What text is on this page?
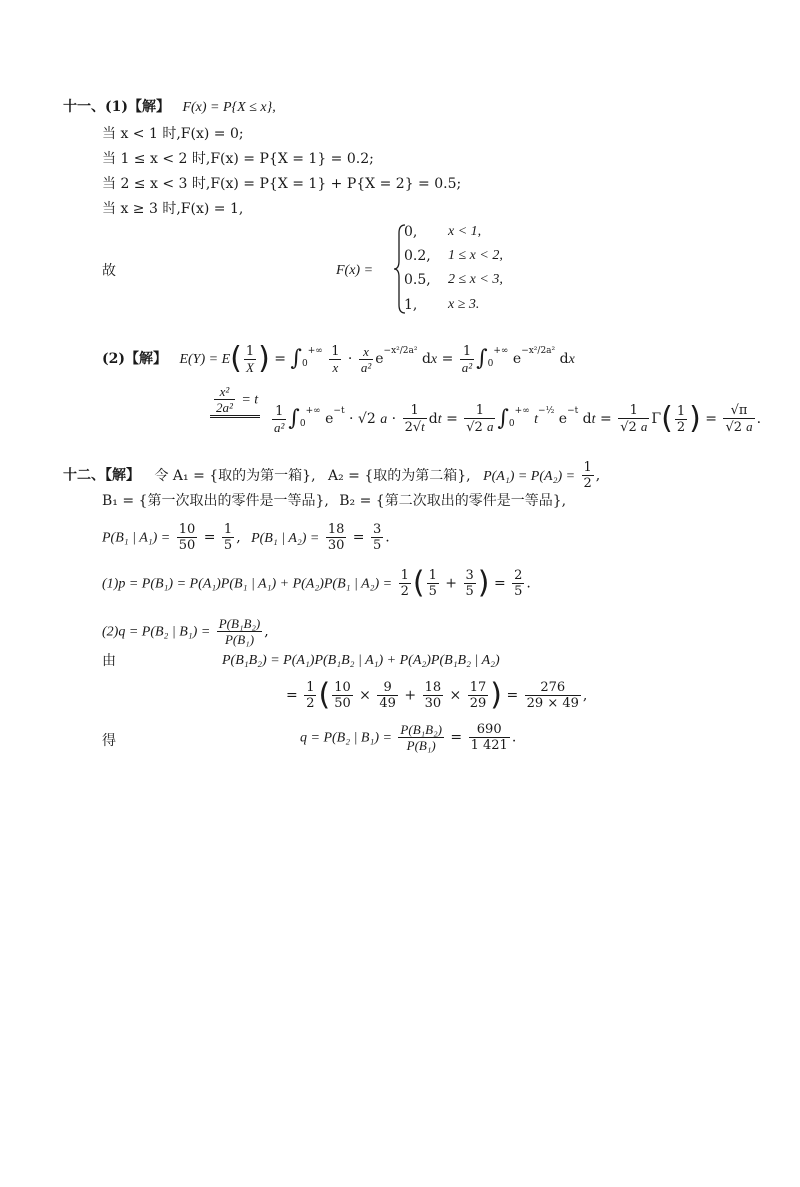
十一、(1)【解】 F(x) = P{X ≤ x},
当 x < 1 时,F(x) = 0;
当 1 ≤ x < 2 时,F(x) = P{X = 1} = 0.2;
当 2 ≤ x < 3 时,F(x) = P{X = 1} + P{X = 2} = 0.5;
当 x ≥ 3 时,F(x) = 1,
故	F(x) =
0, x < 1,
0.2, 1 ≤ x < 2,
0.5, 2 ≤ x < 3,
1, x ≥ 3.
(2)【解】 $E(Y) = E( \frac{1}{X}$ ) = $\int_0^{+\infty} \frac{1}{x} \cdot \frac{x}{\text{a²}} e^{-x^2/2a^2}$ dx = $\frac{1}{\text{a²}} \int_0^{+\infty}$ $e^{-x^2/2a^2}$ dx
$\frac{\text{x²}}{\text{2a²}} = t$
$\frac{1}{\text{a²}} \int_0^{+\infty}$ $e^{-t} \cdot √2$ $a \cdot \frac{1}{2√t}$ dt = $\frac{1}{√2 a} \int_0^{+\infty}$ $t^{-\frac{1}{2}}$ $e^{-t}$ dt = $\frac{1}{√2 a} \Gamma( \frac{1}{2}$ ) = $\frac{√\pi}{√2 a}$ .
十二、【解】 令 A₁ = {取的为第一箱}, A₂ = {取的为第二箱}, $P(A_1) = P(A_2) = \frac{1}{2}$ ,
B₁ = {第一次取出的零件是一等品}, B₂ = {第二次取出的零件是一等品},
P(B₁ | $A_1) = \frac{10}{50} = \frac{1}{5}$ , P(B₁ | $A_2) = \frac{18}{30} = \frac{3}{5}$ .
(1)p = P(B₁) = P(A₁)P(B₁ | A₁) + P(A₂)P(B₁ | $A_2) = \frac{1}{2}$ ( $\frac{1}{5} + \frac{3}{5}$ ) = $\frac{2}{5}$ .
(2)q = P(B₂ | $B_1) = \frac{\text{P(B₁B₂)}}{\text{P(B₁)}}$ ,
由	P(B₁B₂) = P(A₁)P(B₁B₂ | A₁) + P(A₂)P(B₁B₂ | A₂)
= $\frac{1}{2}$ ( $\frac{10}{50} \times \frac{9}{49} + \frac{18}{30} \times \frac{17}{29}$ ) = $\frac{276}{29 \times 49}$ ,
得	q = P(B₂ | $B_1) = \frac{\text{P(B₁B₂)}}{\text{P(B₁)}} = \frac{690}{1 421}$ .
